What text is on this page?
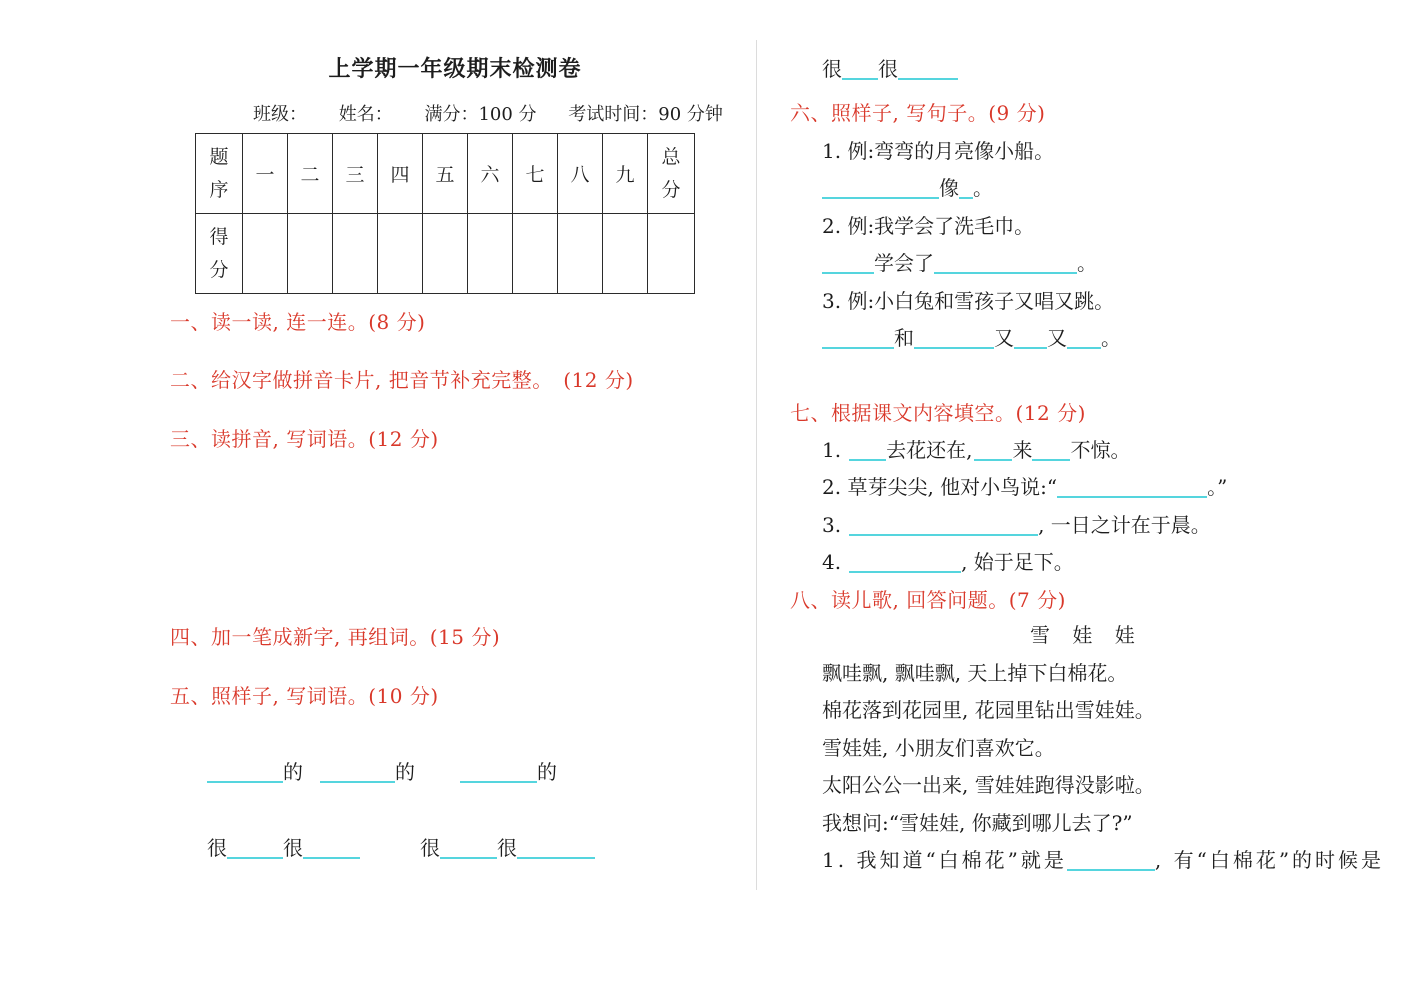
上学期一年级期末检测卷
班级： 姓名： 满分：100 分 考试时间：90 分钟
题序	一	二	三	四	五	六	七	八	九	总分
得分										
一、读一读, 连一连。(8 分)
二、给汉字做拼音卡片, 把音节补充完整。　(12 分)
三、读拼音, 写词语。(12 分)
四、加一笔成新字, 再组词。(15 分)
五、照样子, 写词语。(10 分)
的	的	的
很	很	很	很
很 很
六、照样子, 写句子。(9 分)
1. 例:弯弯的月亮像小船。
像 。
2. 例:我学会了洗毛巾。
学会了	。
3. 例:小白兔和雪孩子又唱又跳。
和	又 又 。
七、根据课文内容填空。(12 分)
1. 去花还在, 来 不惊。
2. 草芽尖尖, 他对小鸟说:“	。”
3.	, 一日之计在于晨。
4.	, 始于足下。
八、读儿歌, 回答问题。(7 分)
雪 娃 娃
飘哇飘, 飘哇飘, 天上掉下白棉花。
棉花落到花园里, 花园里钻出雪娃娃。
雪娃娃, 小朋友们喜欢它。
太阳公公一出来, 雪娃娃跑得没影啦。
我想问:“雪娃娃, 你藏到哪儿去了?”
1. 我知道“白棉花”就是	, 有“白棉花”的时候是
